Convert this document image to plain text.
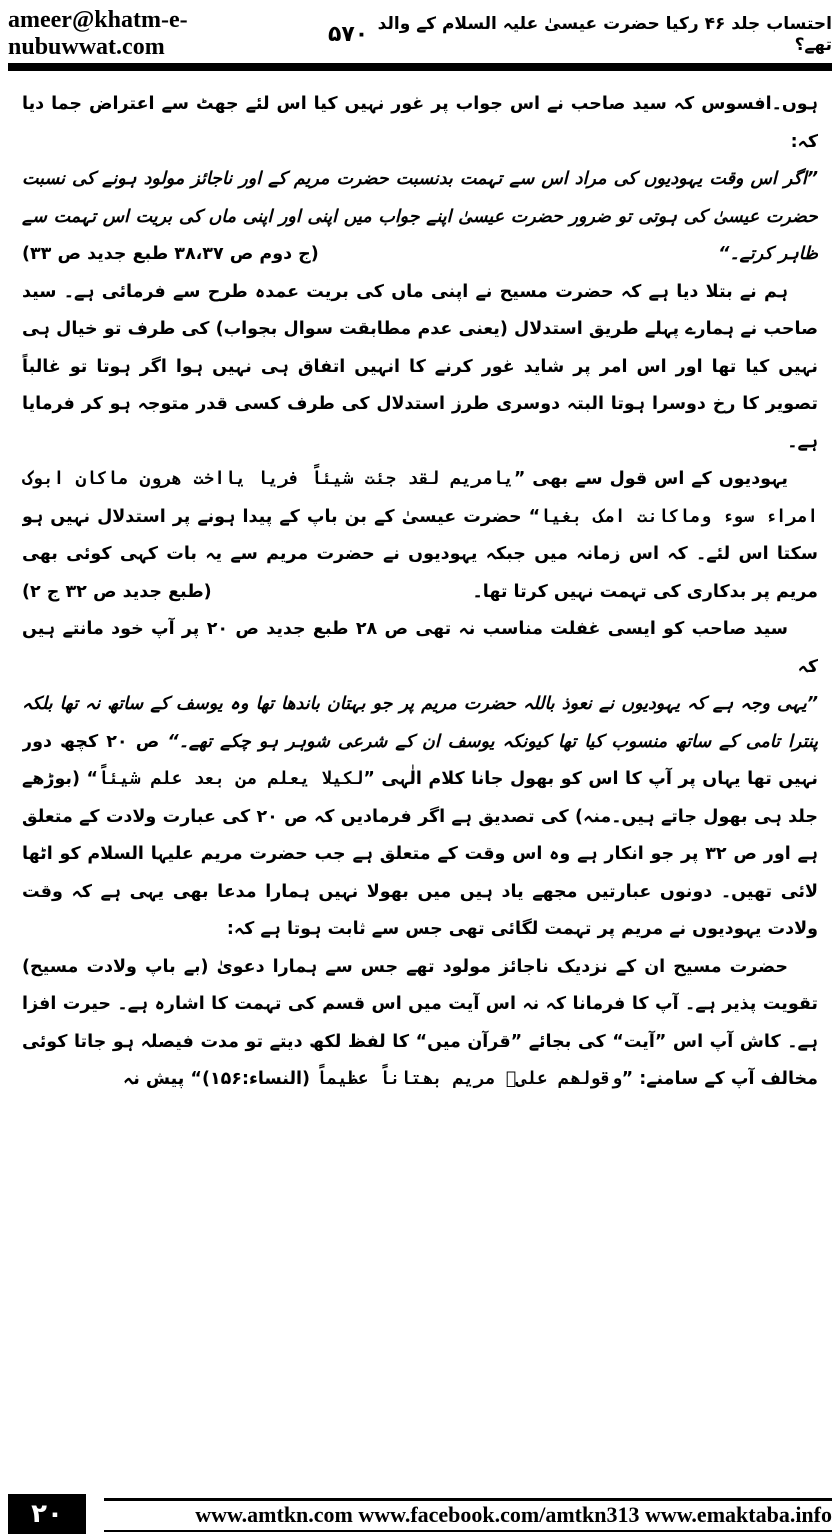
ameer@khatm-e-nubuwwat.com	۵۷۰ احتساب جلد ۴۶ رکیا حضرت عیسیٰ علیہ السلام کے والد تھے؟

ہوں۔افسوس کہ سید صاحب نے اس جواب پر غور نہیں کیا اس لئے جھٹ سے اعتراض جما دیا کہ:

”اگر اس وقت یہودیوں کی مراد اس سے تہمت بدنسبت حضرت مریم کے اور ناجائز مولود ہونے کی نسبت حضرت عیسیٰ کی ہوتی تو ضرور حضرت عیسیٰ اپنے جواب میں اپنی اور اپنی ماں کی بریت اس تہمت سے ظاہر کرتے۔“
(ج دوم ص ۳۸،۳۷ طبع جدید ص ۳۳)

ہم نے بتلا دیا ہے کہ حضرت مسیح نے اپنی ماں کی بریت عمدہ طرح سے فرمائی ہے۔ سید صاحب نے ہمارے پہلے طریق استدلال (یعنی عدم مطابقت سوال بجواب) کی طرف تو خیال ہی نہیں کیا تھا اور اس امر پر شاید غور کرنے کا انہیں اتفاق ہی نہیں ہوا اگر ہوتا تو غالباً تصویر کا رخ دوسرا ہوتا البتہ دوسری طرز استدلال کی طرف کسی قدر متوجہ ہو کر فرمایا ہے۔

یہودیوں کے اس قول سے بھی ”یامریم لقد جئت شیئاً فریا یااخت ھرون ماکان ابوک امراء سوء وماکانت امک بغیا“ حضرت عیسیٰ کے بن باپ کے پیدا ہونے پر استدلال نہیں ہو سکتا اس لئے۔ کہ اس زمانہ میں جبکہ یہودیوں نے حضرت مریم سے یہ بات کہی کوئی بھی مریم پر بدکاری کی تہمت نہیں کرتا تھا۔
(طبع جدید ص ۳۲ ج ۲)

سید صاحب کو ایسی غفلت مناسب نہ تھی ص ۲۸ طبع جدید ص ۲۰ پر آپ خود مانتے ہیں کہ

”یہی وجہ ہے کہ یہودیوں نے نعوذ باللہ حضرت مریم پر جو بہتان باندھا تھا وہ یوسف کے ساتھ نہ تھا بلکہ پنترا تامی کے ساتھ منسوب کیا تھا کیونکہ یوسف ان کے شرعی شوہر ہو چکے تھے۔“ ص ۲۰ کچھ دور نہیں تھا یہاں پر آپ کا اس کو بھول جانا کلام الٰہی ”لکیلا یعلم من بعد علم شیئاً“ (بوڑھے جلد ہی بھول جاتے ہیں۔منہ) کی تصدیق ہے اگر فرمادیں کہ ص ۲۰ کی عبارت ولادت کے متعلق ہے اور ص ۳۲ پر جو انکار ہے وہ اس وقت کے متعلق ہے جب حضرت مریم علیہا السلام کو اٹھا لائی تھیں۔ دونوں عبارتیں مجھے یاد ہیں میں بھولا نہیں ہمارا مدعا بھی یہی ہے کہ وقت ولادت یہودیوں نے مریم پر تہمت لگائی تھی جس سے ثابت ہوتا ہے کہ:

حضرت مسیح ان کے نزدیک ناجائز مولود تھے جس سے ہمارا دعویٰ (بے باپ ولادت مسیح) تقویت پذیر ہے۔ آپ کا فرمانا کہ نہ اس آیت میں اس قسم کی تہمت کا اشارہ ہے۔ حیرت افزا ہے۔ کاش آپ اس ”آیت“ کی بجائے ”قرآن میں“ کا لفظ لکھ دیتے تو مدت فیصلہ ہو جاتا کوئی مخالف آپ کے سامنے: ”وقولھم علیٰ مریم بھتاناً عظیماً (النساء:۱۵۶)“ پیش نہ

۲۰	www.amtkn.com www.facebook.com/amtkn313 www.emaktaba.info
